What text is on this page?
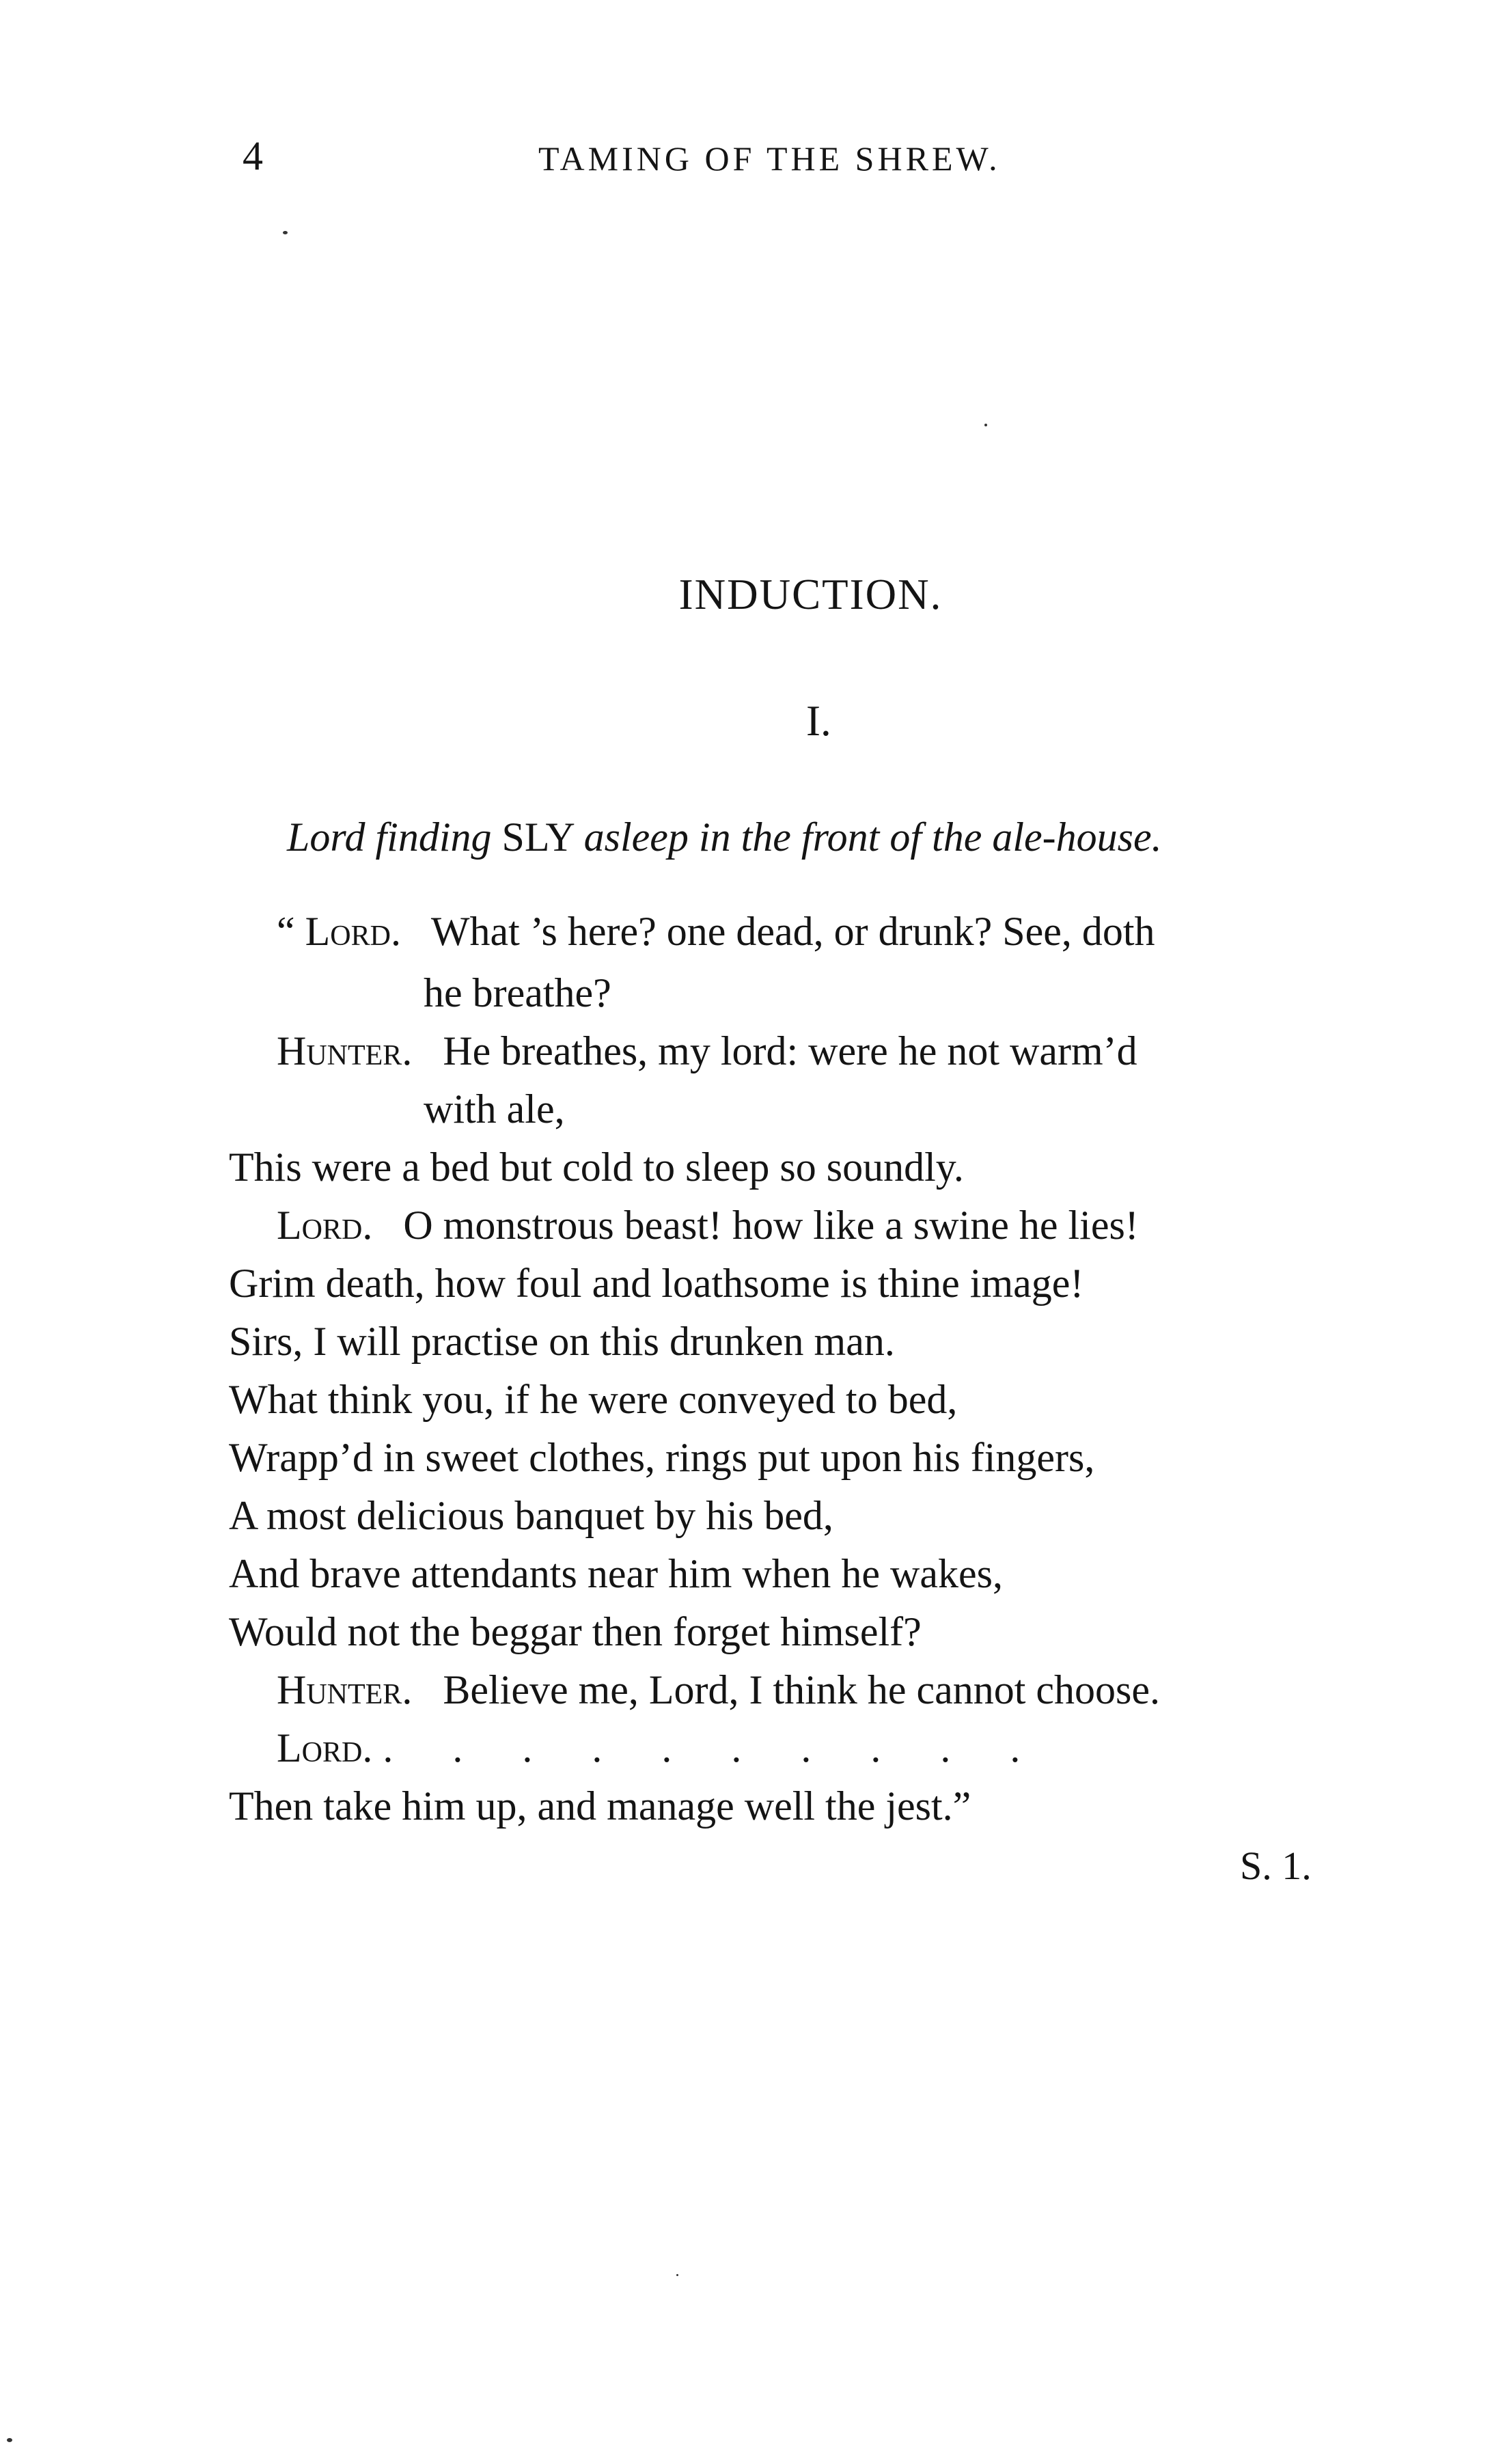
4	TAMING OF THE SHREW.
INDUCTION.
I.
Lord finding SLY asleep in the front of the ale-house.
“ Lord. What ’s here? one dead, or drunk? See, doth
he breathe?
Hunter. He breathes, my lord: were he not warm’d
with ale,
This were a bed but cold to sleep so soundly.
Lord. O monstrous beast! how like a swine he lies!
Grim death, how foul and loathsome is thine image!
Sirs, I will practise on this drunken man.
What think you, if he were conveyed to bed,
Wrapp’d in sweet clothes, rings put upon his fingers,
A most delicious banquet by his bed,
And brave attendants near him when he wakes,
Would not the beggar then forget himself?
Hunter. Believe me, Lord, I think he cannot choose.
Lord. . . . . . . . . . .
Then take him up, and manage well the jest.”
S. 1.
